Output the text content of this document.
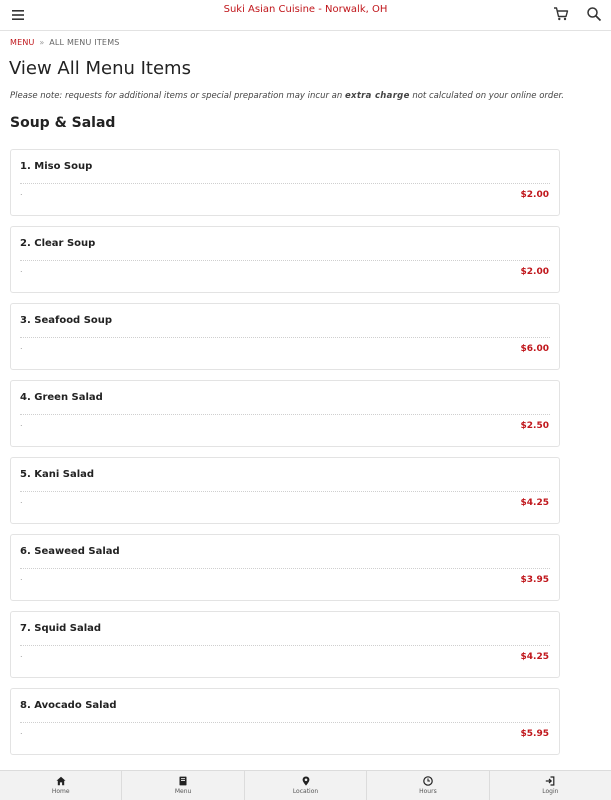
Suki Asian Cuisine - Norwalk, OH
MENU » ALL MENU ITEMS
View All Menu Items

Please note: requests for additional items or special preparation may incur an extra charge not calculated on your online order.

Soup & Salad
1. Miso Soup
.	$2.00
2. Clear Soup
.	$2.00
3. Seafood Soup
.	$6.00
4. Green Salad
.	$2.50
5. Kani Salad
.	$4.25
6. Seaweed Salad
.	$3.95
7. Squid Salad
.	$4.25
8. Avocado Salad
.	$5.95
Home	Menu	Location	Hours	Login
